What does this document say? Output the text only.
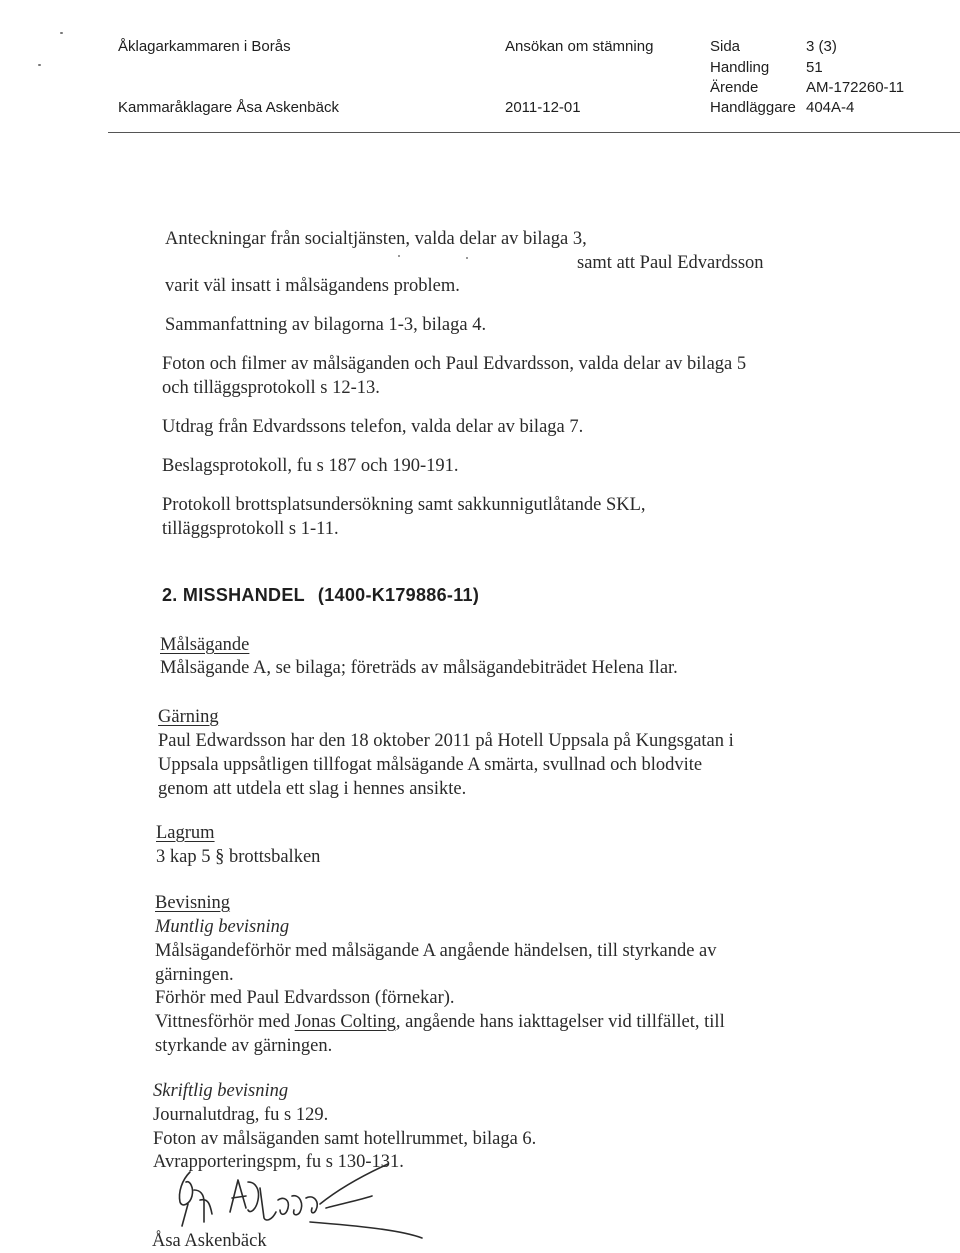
Åklagarkammaren i Borås
Kammaråklagare Åsa Askenbäck
Ansökan om stämning
2011-12-01
Sida	3 (3)
Handling 51
Ärende	AM-172260-11
Handläggare 404A-4
Anteckningar från socialtjänsten, valda delar av bilaga 3,
samt att Paul Edvardsson
varit väl insatt i målsägandens problem.
Sammanfattning av bilagorna 1-3, bilaga 4.
Foton och filmer av målsäganden och Paul Edvardsson, valda delar av bilaga 5
och tilläggsprotokoll s 12-13.
Utdrag från Edvardssons telefon, valda delar av bilaga 7.
Beslagsprotokoll, fu s 187 och 190-191.
Protokoll brottsplatsundersökning samt sakkunnigutlåtande SKL,
tilläggsprotokoll s 1-11.
2. MISSHANDEL (1400-K179886-11)
Målsägande
Målsägande A, se bilaga; företräds av målsägandebiträdet Helena Ilar.
Gärning
Paul Edwardsson har den 18 oktober 2011 på Hotell Uppsala på Kungsgatan i
Uppsala uppsåtligen tillfogat målsägande A smärta, svullnad och blodvite
genom att utdela ett slag i hennes ansikte.
Lagrum
3 kap 5 § brottsbalken
Bevisning
Muntlig bevisning
Målsägandeförhör med målsägande A angående händelsen, till styrkande av
gärningen.
Förhör med Paul Edvardsson (förnekar).
Vittnesförhör med Jonas Colting, angående hans iakttagelser vid tillfället, till
styrkande av gärningen.
Skriftlig bevisning
Journalutdrag, fu s 129.
Foton av målsäganden samt hotellrummet, bilaga 6.
Avrapporteringspm, fu s 130-131.
Åsa Askenbäck
